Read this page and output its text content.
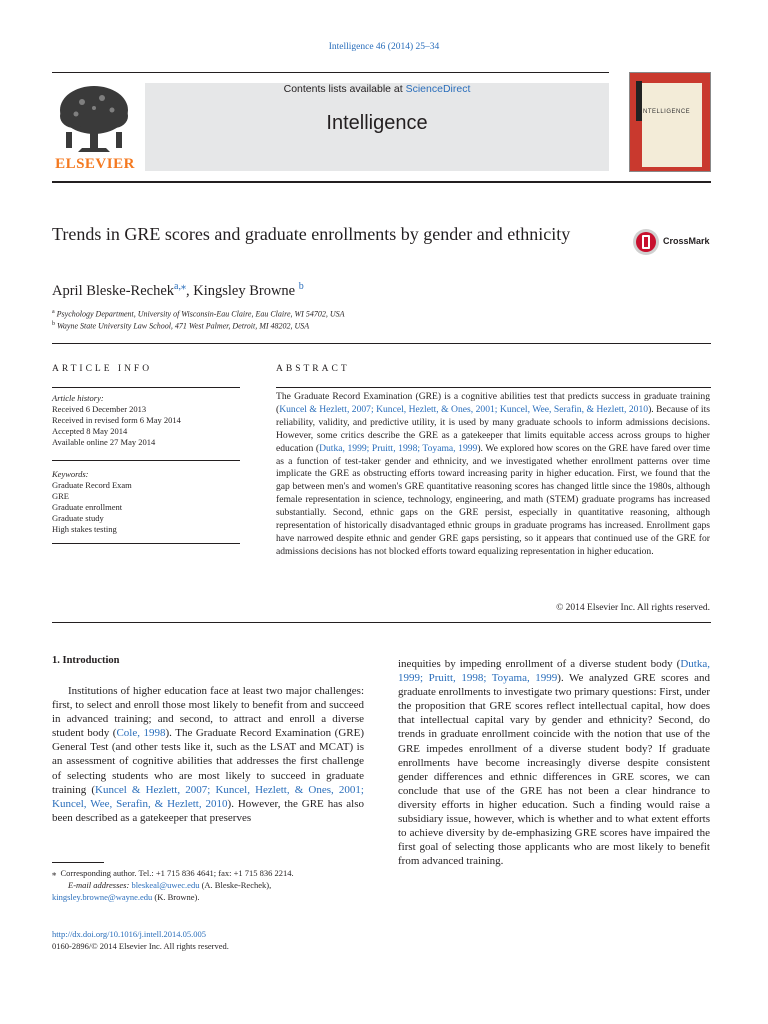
Intelligence 46 (2014) 25–34
Contents lists available at ScienceDirect
Intelligence
ELSEVIER
NTELLIGENCE
Trends in GRE scores and graduate enrollments by gender and ethnicity	CrossMark
April Bleske-Rechek$^{a,⁎}$, Kingsley Browne $^b$
$^a$ Psychology Department, University of Wisconsin-Eau Claire, Eau Claire, WI 54702, USA
$^b$ Wayne State University Law School, 471 West Palmer, Detroit, MI 48202, USA
ARTICLE INFO	ABSTRACT
Article history:
Received 6 December 2013
Received in revised form 6 May 2014
Accepted 8 May 2014
Available online 27 May 2014
Keywords:
Graduate Record Exam
GRE
Graduate enrollment
Graduate study
High stakes testing
The Graduate Record Examination (GRE) is a cognitive abilities test that predicts success in graduate training (Kuncel & Hezlett, 2007; Kuncel, Hezlett, & Ones, 2001; Kuncel, Wee, Serafin, & Hezlett, 2010). Because of its reliability, validity, and predictive utility, it is used by many graduate schools to inform admissions decisions. However, some critics describe the GRE as a gatekeeper that limits equitable access across groups to higher education (Dutka, 1999; Pruitt, 1998; Toyama, 1999). We explored how scores on the GRE have fared over time as a function of test-taker gender and ethnicity, and we investigated whether enrollment patterns over time implicate the GRE as obstructing efforts toward increasing parity in higher education. First, we found that the gap between men's and women's GRE quantitative reasoning scores has changed little since the 1980s, although female representation in science, technology, engineering, and math (STEM) graduate programs has increased substantially. Second, ethnic gaps on the GRE persist, especially in quantitative reasoning, although representation of historically disadvantaged ethnic groups in graduate programs has increased. Enrollment gaps have narrowed despite ethnic and gender GRE gaps persisting, so it appears that continued use of the GRE for admissions decisions has not blocked efforts toward equalizing representation in higher education.
© 2014 Elsevier Inc. All rights reserved.
1. Introduction
Institutions of higher education face at least two major challenges: first, to select and enroll those most likely to benefit from and succeed in advanced training; and second, to attract and enroll a diverse student body (Cole, 1998). The Graduate Record Examination (GRE) General Test (and other tests like it, such as the LSAT and MCAT) is an assessment of cognitive abilities that addresses the first challenge of selecting students who are most likely to succeed in graduate training (Kuncel & Hezlett, 2007; Kuncel, Hezlett, & Ones, 2001; Kuncel, Wee, Serafin, & Hezlett, 2010). However, the GRE has also been described as a gatekeeper that preserves
inequities by impeding enrollment of a diverse student body (Dutka, 1999; Pruitt, 1998; Toyama, 1999). We analyzed GRE scores and graduate enrollments to investigate two primary questions: First, under the proposition that GRE scores reflect intellectual capital, how does that intellectual capital vary by gender and ethnicity? Second, do trends in graduate enrollment coincide with the notion that use of the GRE impedes enrollment of a diverse student body? If graduate enrollments have become increasingly diverse despite consistent gender differences and ethnic differences in GRE scores, we can conclude that use of the GRE has not been a clear hindrance to diversity efforts in higher education. Such a finding would raise a subsidiary issue, however, which is whether and to what extent efforts to achieve diversity by de-emphasizing GRE scores have impaired the first goal of selecting those applicants who are most likely to benefit from advanced training.
⁎ Corresponding author. Tel.: +1 715 836 4641; fax: +1 715 836 2214.
E-mail addresses: bleskeal@uwec.edu (A. Bleske-Rechek),
kingsley.browne@wayne.edu (K. Browne).
http://dx.doi.org/10.1016/j.intell.2014.05.005
0160-2896/© 2014 Elsevier Inc. All rights reserved.
